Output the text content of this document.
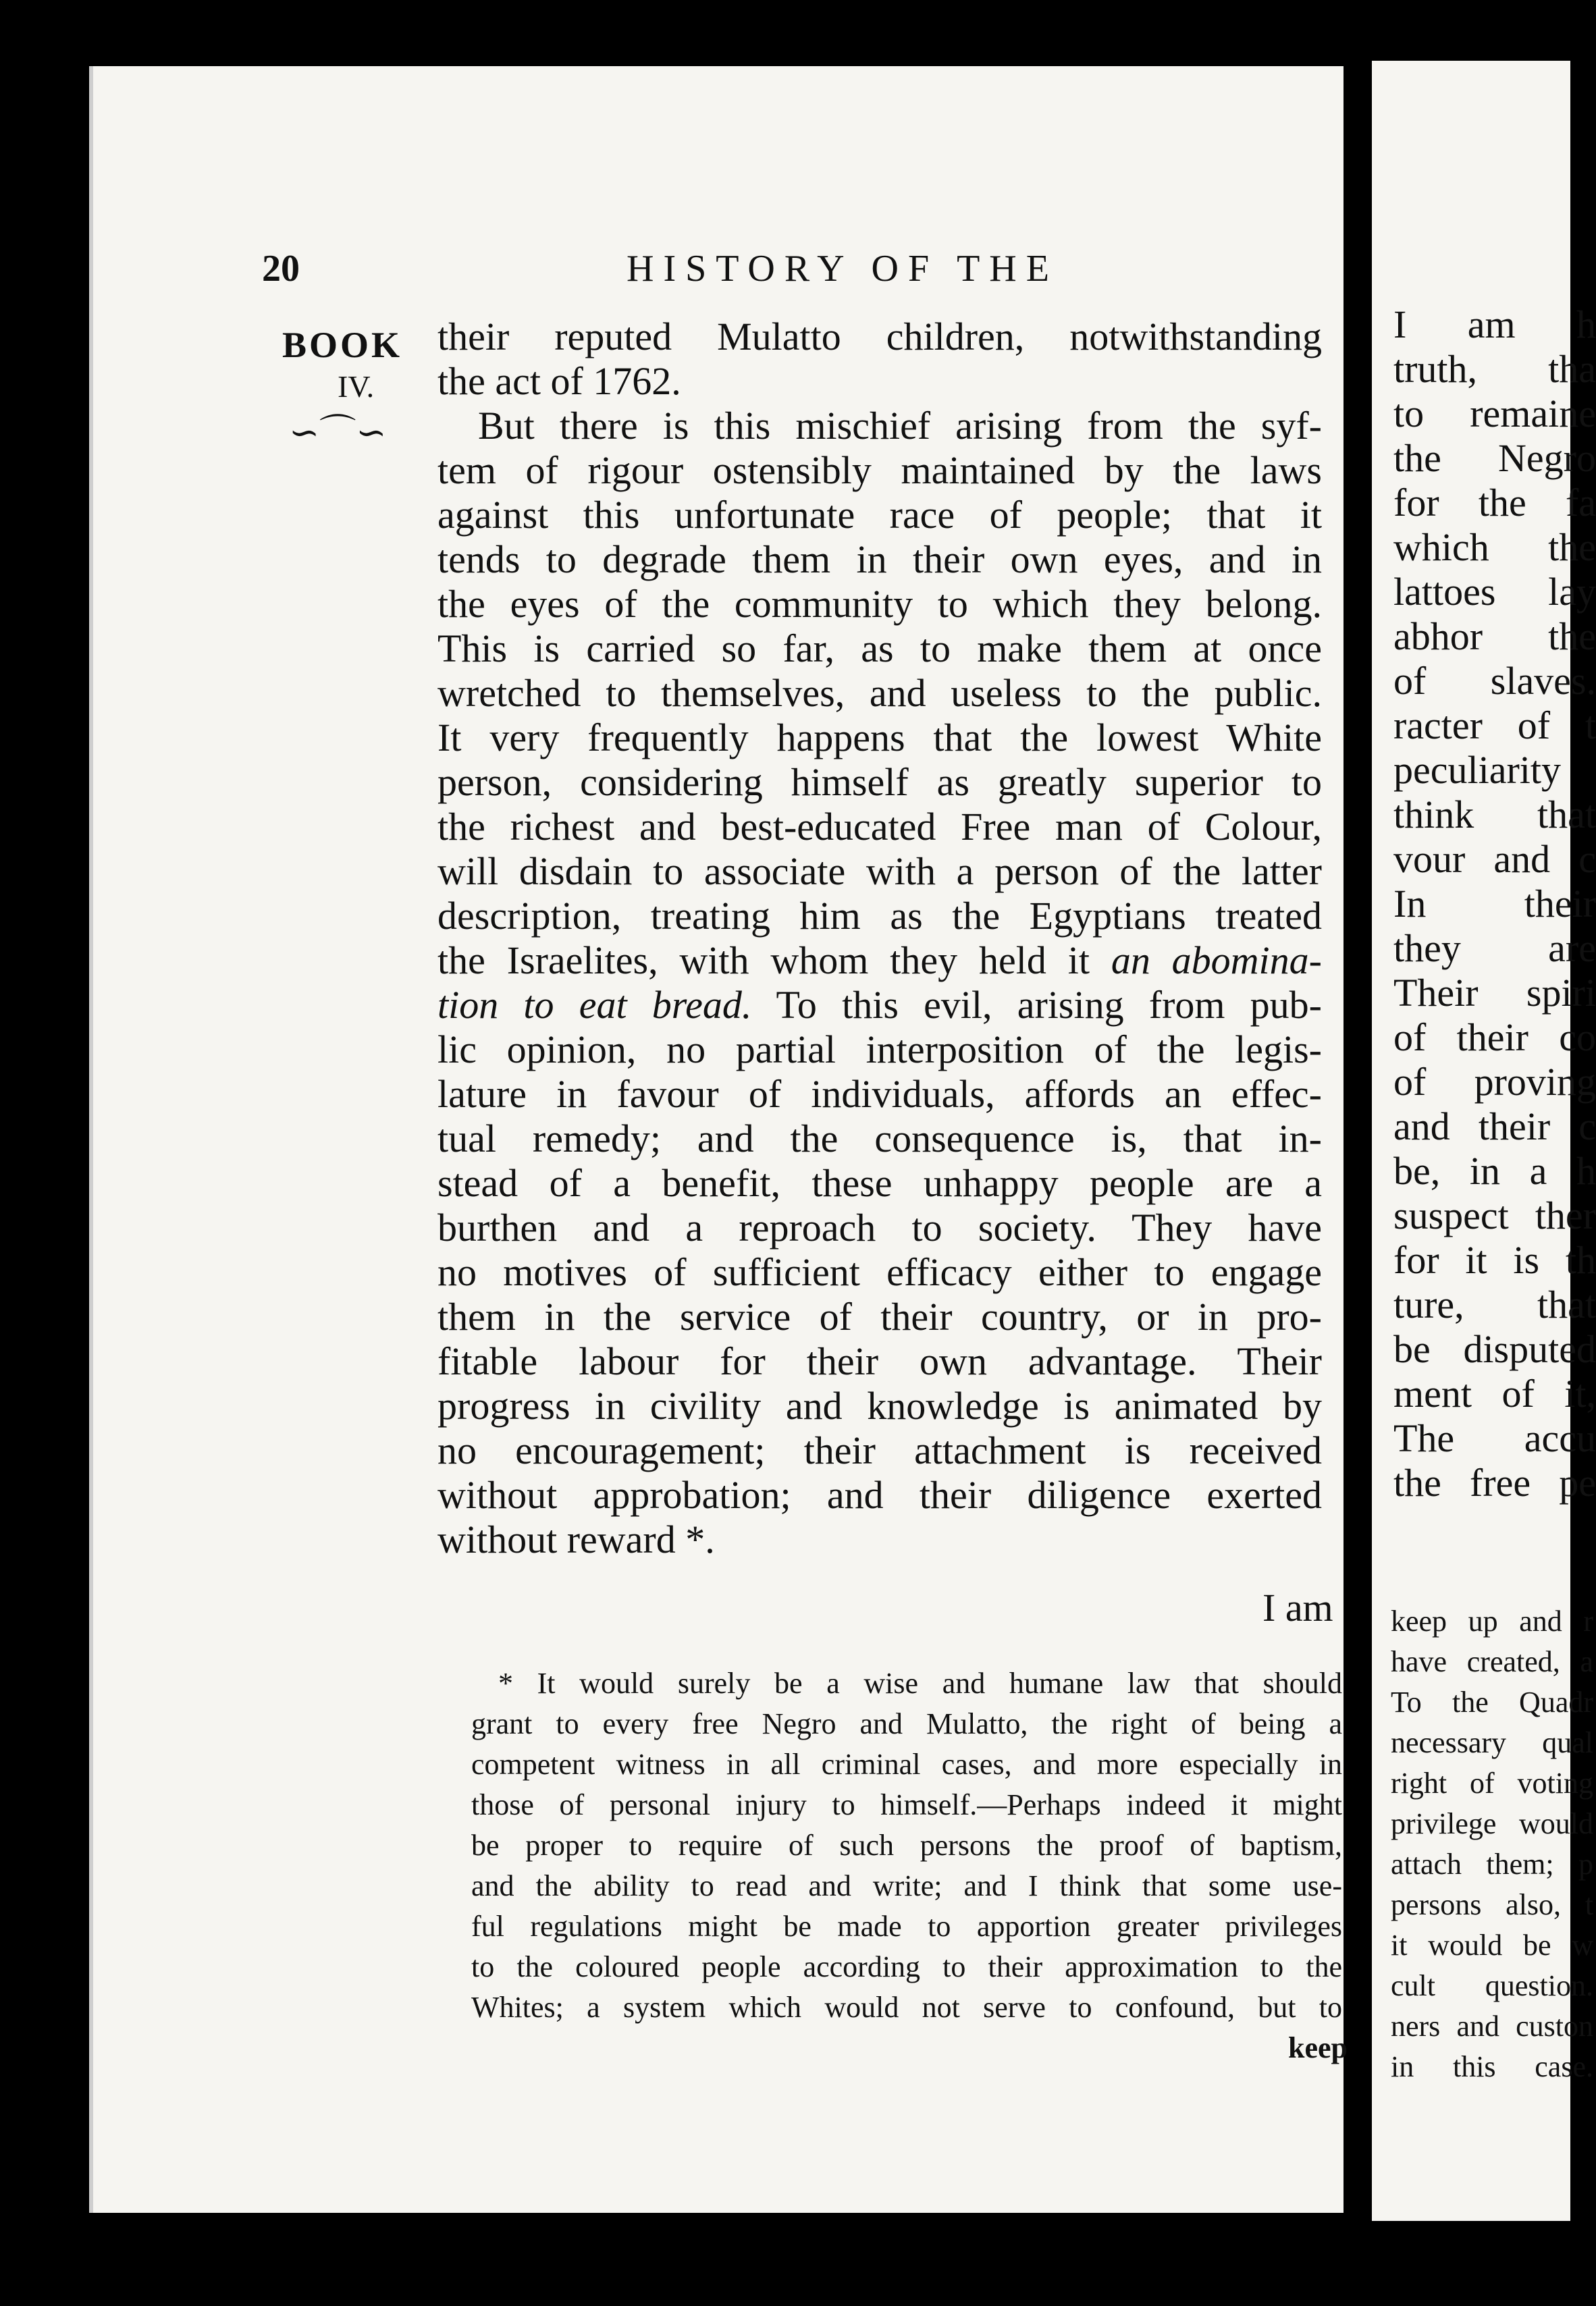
20	HISTORY OF THE
BOOK
IV.
∽⌒∽
their reputed Mulatto children, notwithstanding
the act of 1762.
But there is this mischief arising from the syf-
tem of rigour ostensibly maintained by the laws
against this unfortunate race of people; that it
tends to degrade them in their own eyes, and in
the eyes of the community to which they belong.
This is carried so far, as to make them at once
wretched to themselves, and useless to the public.
It very frequently happens that the lowest White
person, considering himself as greatly superior to
the richest and best-educated Free man of Colour,
will disdain to associate with a person of the latter
description, treating him as the Egyptians treated
the Israelites, with whom they held it an abomina-
tion to eat bread. To this evil, arising from pub-
lic opinion, no partial interposition of the legis-
lature in favour of individuals, affords an effec-
tual remedy; and the consequence is, that in-
stead of a benefit, these unhappy people are a
burthen and a reproach to society. They have
no motives of sufficient efficacy either to engage
them in the service of their country, or in pro-
fitable labour for their own advantage. Their
progress in civility and knowledge is animated by
no encouragement; their attachment is received
without approbation; and their diligence exerted
without reward *.
I am
* It would surely be a wise and humane law that should
grant to every free Negro and Mulatto, the right of being a
competent witness in all criminal cases, and more especially in
those of personal injury to himself.—Perhaps indeed it might
be proper to require of such persons the proof of baptism,
and the ability to read and write; and I think that some use-
ful regulations might be made to apportion greater privileges
to the coloured people according to their approximation to the
Whites; a system which would not serve to confound, but to
keep
I am h
truth, tha
to remaine
the Negro
for the fa
which the
lattoes lay
abhor the
of slaves.
racter of t
peculiarity
think that
vour and c
In their
they are
Their spiri
of their co
of proving
and their c
be, in a h
suspect ther
for it is th
ture, that
be disputed
ment of it,
The accu
the free pe
keep up and r
have created, a
To the Quadr
necessary qual
right of voting
privilege would
attach them; p
persons also, t
it would be w
cult question.
ners and custon
in this case.
